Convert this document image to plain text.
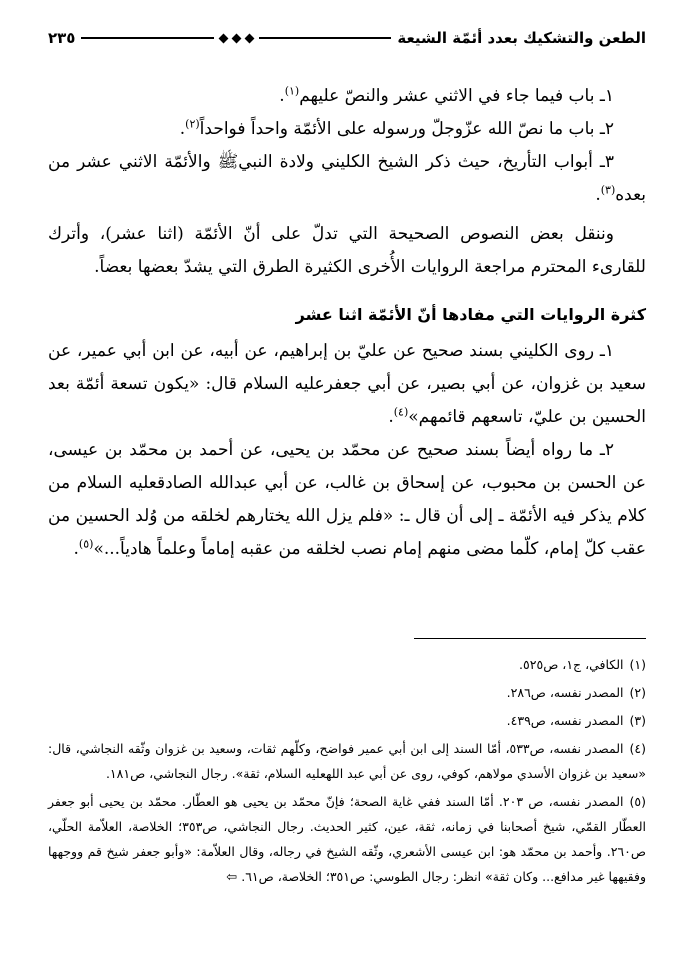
الطعن والتشكيك بعدد أئمّة الشيعة
٢٣٥

١ـ باب فيما جاء في الاثني عشر والنصّ عليهم$^{(١)}$.

٢ـ باب ما نصّ الله عزّوجلّ ورسوله على الأئمّة واحداً فواحداً$^{(٢)}$.

٣ـ أبواب التأريخ، حيث ذكر الشيخ الكليني ولادة النبيﷺ والأئمّة الاثني عشر من بعده$^{(٣)}$.

وننقل بعض النصوص الصحيحة التي تدلّ على أنّ الأئمّة (اثنا عشر)، وأترك للقارىء المحترم مراجعة الروايات الأُخرى الكثيرة الطرق التي يشدّ بعضها بعضاً.

كثرة الروايات التي مفادها أنّ الأئمّة اثنا عشر

١ـ روى الكليني بسند صحيح عن عليّ بن إبراهيم، عن أبيه، عن ابن أبي عمير، عن سعيد بن غزوان، عن أبي بصير، عن أبي جعفرعليه السلام قال: «يكون تسعة أئمّة بعد الحسين بن عليّ، تاسعهم قائمهم»$^{(٤)}$.

٢ـ ما رواه أيضاً بسند صحيح عن محمّد بن يحيى، عن أحمد بن محمّد بن عيسى، عن الحسن بن محبوب، عن إسحاق بن غالب، عن أبي عبدالله الصادقعليه السلام من كلام يذكر فيه الأئمّة ـ إلى أن قال ـ: «فلم يزل الله يختارهم لخلقه من وُلد الحسين من عقب كلّ إمام، كلّما مضى منهم إمام نصب لخلقه من عقبه إماماً وعلماً هادياً...»$^{(٥)}$.

(١)الكافي، ج١، ص٥٢٥.

(٢)المصدر نفسه، ص٢٨٦.

(٣)المصدر نفسه، ص٤٣٩.

(٤)المصدر نفسه، ص٥٣٣، أمّا السند إلى ابن أبي عمير فواضح، وكلّهم ثقات، وسعيد بن غزوان وثّقه النجاشي، قال: «سعيد بن غزوان الأسدي مولاهم، كوفي، روى عن أبي عبد اللهعليه السلام، ثقة». رجال النجاشي، ص١٨١.

(٥)المصدر نفسه، ص ٢٠٣. أمّا السند ففي غاية الصحة؛ فإنّ محمّد بن يحيى هو العطّار. محمّد بن يحيى أبو جعفر العطّار القمّي، شيخ أصحابنا في زمانه، ثقة، عين، كثير الحديث. رجال النجاشي، ص٣٥٣؛ الخلاصة، العلاّمة الحلّي، ص٢٦٠. وأحمد بن محمّد هو: ابن عيسى الأشعري، وثّقه الشيخ في رجاله، وقال العلاّمة: «وأبو جعفر شيخ قم ووجهها وفقيهها غير مدافع... وكان ثقة» انظر: رجال الطوسي: ص٣٥١؛ الخلاصة، ص٦١.⇦
